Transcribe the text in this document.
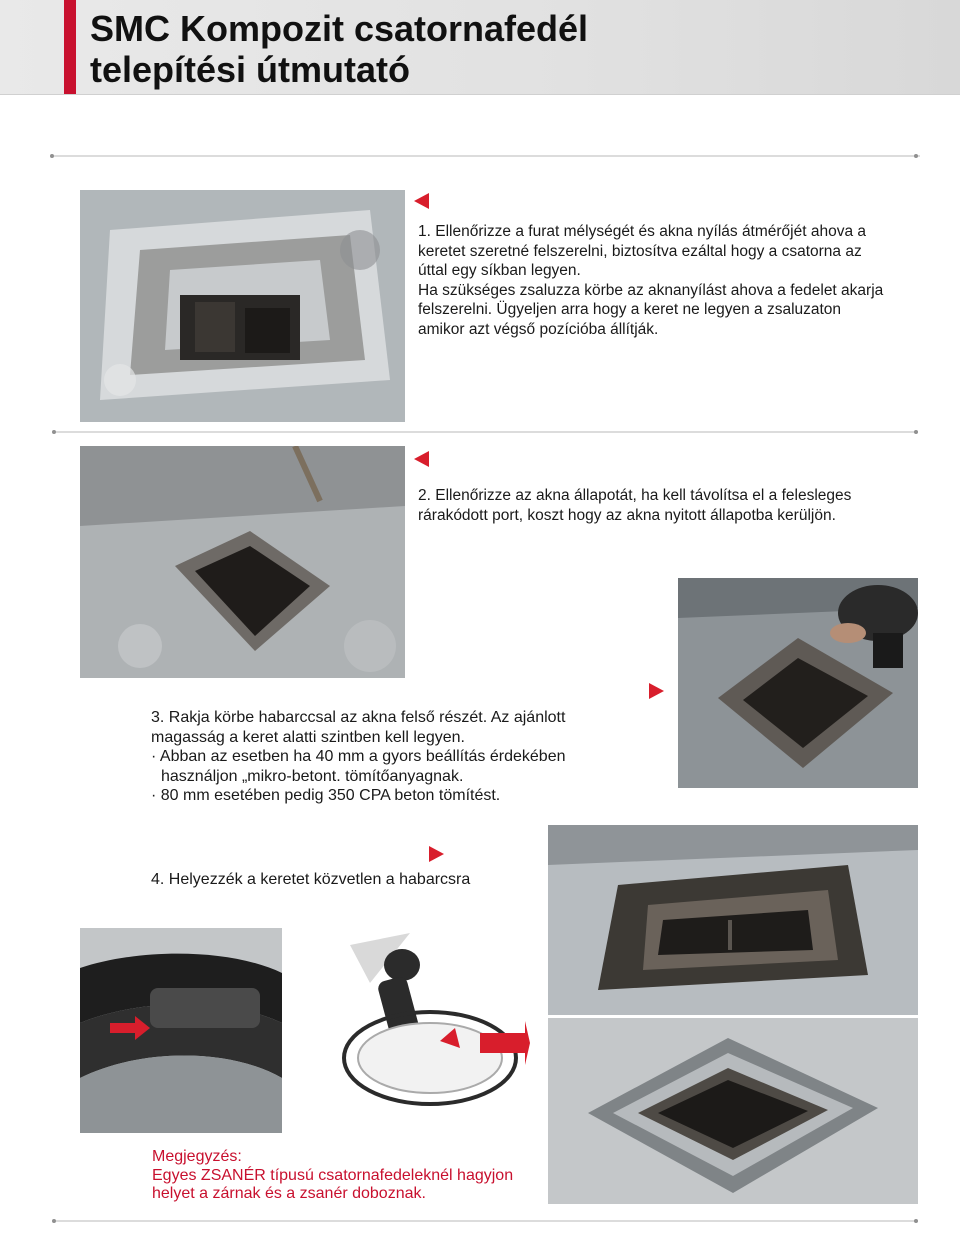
SMC Kompozit csatornafedél
telepítési útmutató
1. Ellenőrizze a furat mélységét és akna nyílás átmérőjét ahova a
keretet szeretné felszerelni, biztosítva ezáltal hogy a csatorna az
úttal egy síkban legyen.
Ha szükséges zsaluzza körbe az aknanyílást ahova a fedelet akarja
felszerelni. Ügyeljen arra hogy a keret ne legyen a zsaluzaton
amikor azt végső pozícióba állítják.
2. Ellenőrizze az akna állapotát, ha kell távolítsa el a felesleges
rárakódott port, koszt hogy az akna nyitott állapotba kerüljön.
3. Rakja körbe habarccsal az akna felső részét. Az ajánlott
magasság a keret alatti szintben kell legyen.
· Abban az esetben ha 40 mm a gyors beállítás érdekében
használjon „mikro-betont. tömítőanyagnak.
· 80 mm esetében pedig 350 CPA beton tömítést.
4. Helyezzék a keretet közvetlen a habarcsra
Megjegyzés:
Egyes ZSANÉR típusú csatornafedeleknél hagyjon
helyet a zárnak és a zsanér doboznak.
